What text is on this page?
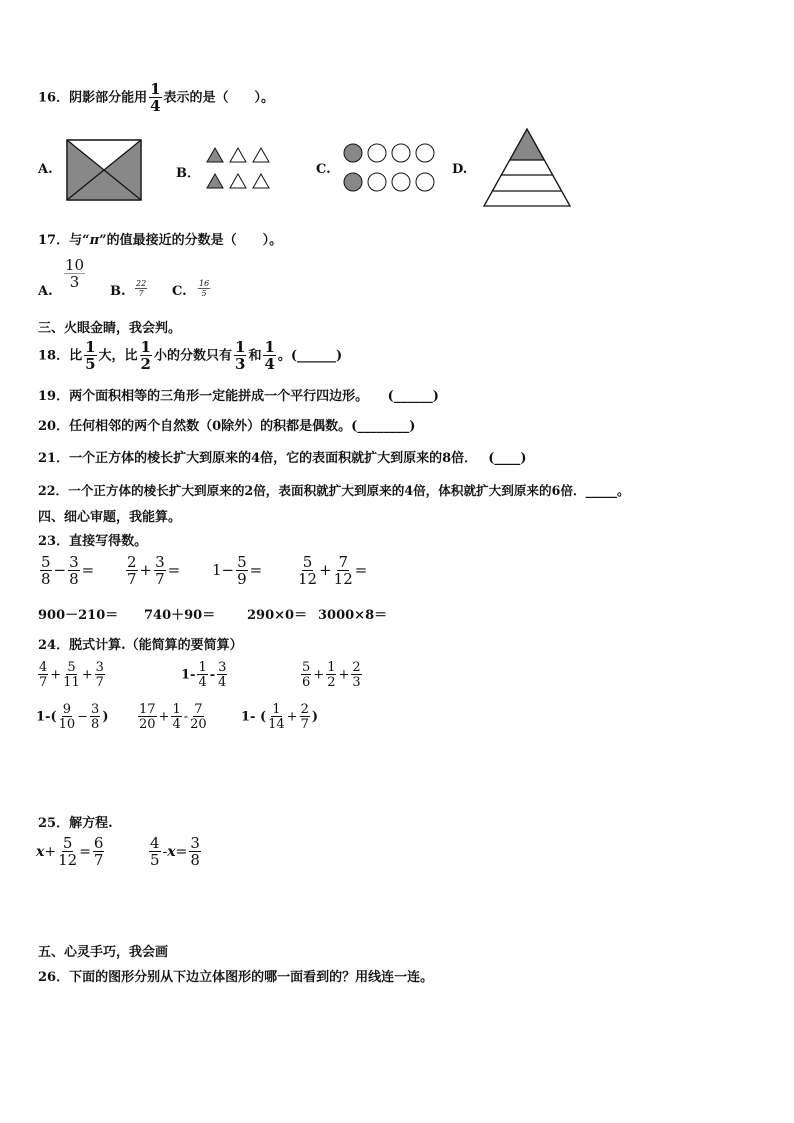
16．阴影部分能用 $\frac{1}{4}$ 表示的是（　　）。
A.	B．	C.	D.
17．与“π”的值最接近的分数是（　　）。
A.
$\frac{10}{3}$
B. $\frac{22}{7} C$. $\frac{16}{5}$
三、火眼金睛，我会判。
18．比 $\frac{1}{5}$ 大，比 $\frac{1}{2}$ 小的分数只有 $\frac{1}{3}$ 和 $\frac{1}{4}$ 。(______)
19．两个面积相等的三角形一定能拼成一个平行四边形。　　(______)
20．任何相邻的两个自然数（0除外）的积都是偶数。(________)
21．一个正方体的棱长扩大到原来的4倍，它的表面积就扩大到原来的8倍．　 (____)
22．一个正方体的棱长扩大到原来的2倍，表面积就扩大到原来的4倍，体积就扩大到原来的6倍．_____。
四、细心审题，我能算。
23．直接写得数。
$\frac{5}{8} - \frac{3}{8} = \frac{2}{7} + \frac{3}{7} = 1- \frac{5}{9} = \frac{5}{12} + \frac{7}{12}$ =
900－210＝ 740＋90＝ 290×0＝ 3000×8＝
24．脱式计算.（能简算的要简算）
$\frac{4}{7} + \frac{5}{11} + \frac{3}{7}$	$1- \frac{1}{4} - \frac{3}{4}$	$\frac{5}{6} + \frac{1}{2} + \frac{2}{3}$
$1-( \frac{9}{10} - \frac{3}{8}$ ) $\frac{17}{20} + \frac{1}{4} - \frac{7}{20}$	1- ( $\frac{1}{14} + \frac{2}{7}$ )
25．解方程.
$x+ \frac{5}{12} = \frac{6}{7}$	$\frac{4}{5} -x= \frac{3}{8}$
五、心灵手巧，我会画
26．下面的图形分别从下边立体图形的哪一面看到的？用线连一连。
